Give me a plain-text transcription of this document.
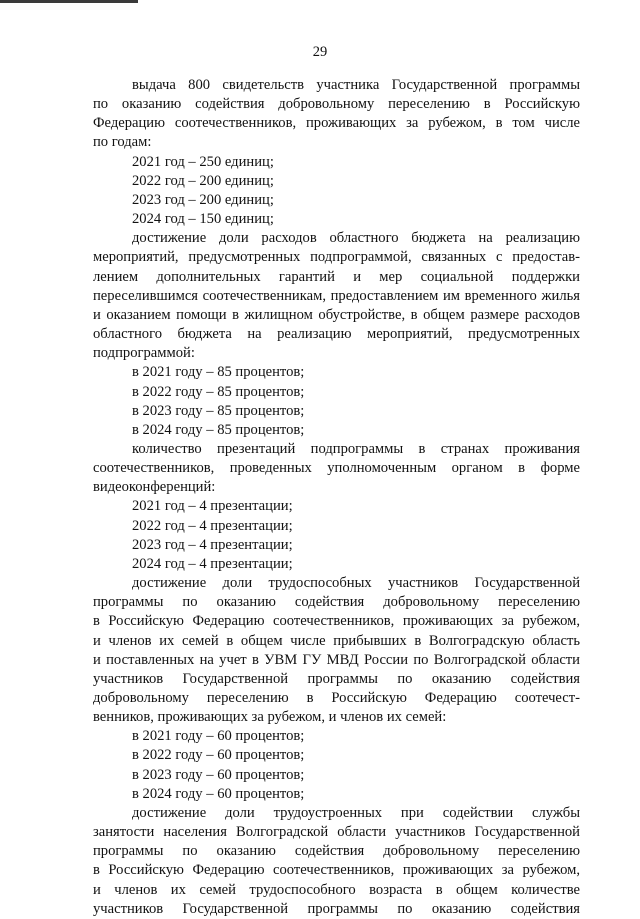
29
выдача 800 свидетельств участника Государственной программы
по оказанию содействия добровольному переселению в Российскую
Федерацию соотечественников, проживающих за рубежом, в том числе
по годам:
2021 год – 250 единиц;
2022 год – 200 единиц;
2023 год – 200 единиц;
2024 год – 150 единиц;
достижение доли расходов областного бюджета на реализацию
мероприятий, предусмотренных подпрограммой, связанных с предостав-
лением дополнительных гарантий и мер социальной поддержки
переселившимся соотечественникам, предоставлением им временного жилья
и оказанием помощи в жилищном обустройстве, в общем размере расходов
областного бюджета на реализацию мероприятий, предусмотренных
подпрограммой:
в 2021 году – 85 процентов;
в 2022 году – 85 процентов;
в 2023 году – 85 процентов;
в 2024 году – 85 процентов;
количество презентаций подпрограммы в странах проживания
соотечественников, проведенных уполномоченным органом в форме
видеоконференций:
2021 год – 4 презентации;
2022 год – 4 презентации;
2023 год – 4 презентации;
2024 год – 4 презентации;
достижение доли трудоспособных участников Государственной
программы по оказанию содействия добровольному переселению
в Российскую Федерацию соотечественников, проживающих за рубежом,
и членов их семей в общем числе прибывших в Волгоградскую область
и поставленных на учет в УВМ ГУ МВД России по Волгоградской области
участников Государственной программы по оказанию содействия
добровольному переселению в Российскую Федерацию соотечест-
венников, проживающих за рубежом, и членов их семей:
в 2021 году – 60 процентов;
в 2022 году – 60 процентов;
в 2023 году – 60 процентов;
в 2024 году – 60 процентов;
достижение доли трудоустроенных при содействии службы
занятости населения Волгоградской области участников Государственной
программы по оказанию содействия добровольному переселению
в Российскую Федерацию соотечественников, проживающих за рубежом,
и членов их семей трудоспособного возраста в общем количестве
участников Государственной программы по оказанию содействия
